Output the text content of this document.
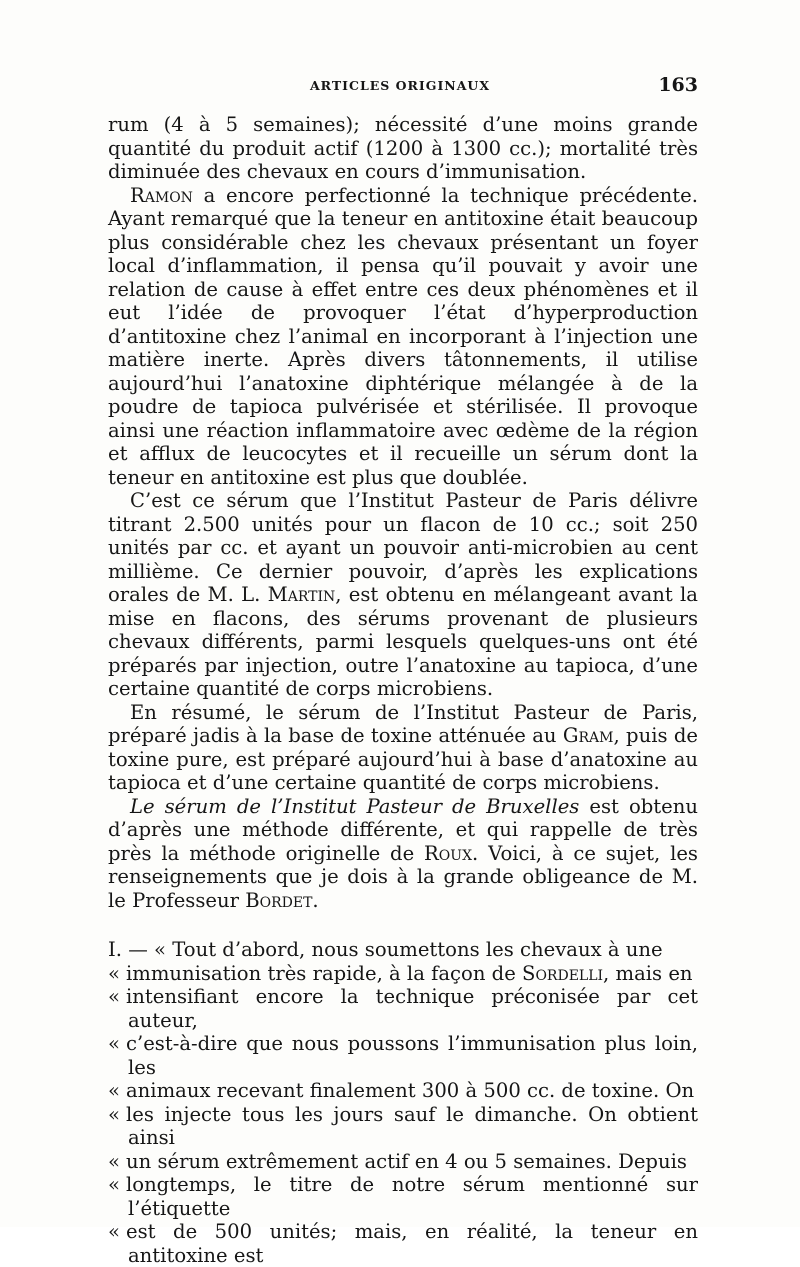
ARTICLES ORIGINAUX	163

rum (4 à 5 semaines); nécessité d’une moins grande quantité du produit actif (1200 à 1300 cc.); mortalité très diminuée des chevaux en cours d’immunisation.

Ramon a encore perfectionné la technique précédente. Ayant remarqué que la teneur en antitoxine était beaucoup plus considérable chez les chevaux présentant un foyer local d’inflammation, il pensa qu’il pouvait y avoir une relation de cause à effet entre ces deux phénomènes et il eut l’idée de provoquer l’état d’hyperproduction d’antitoxine chez l’animal en incorporant à l’injection une matière inerte. Après divers tâtonnements, il utilise aujourd’hui l’anatoxine diphtérique mélangée à de la poudre de tapioca pulvérisée et stérilisée. Il provoque ainsi une réaction inflammatoire avec œdème de la région et afflux de leucocytes et il recueille un sérum dont la teneur en antitoxine est plus que doublée.

C’est ce sérum que l’Institut Pasteur de Paris délivre titrant 2.500 unités pour un flacon de 10 cc.; soit 250 unités par cc. et ayant un pouvoir anti-microbien au cent millième. Ce dernier pouvoir, d’après les explications orales de M. L. Martin, est obtenu en mélangeant avant la mise en flacons, des sérums provenant de plusieurs chevaux différents, parmi lesquels quelques-uns ont été préparés par injection, outre l’anatoxine au tapioca, d’une certaine quantité de corps microbiens.

En résumé, le sérum de l’Institut Pasteur de Paris, préparé jadis à la base de toxine atténuée au Gram, puis de toxine pure, est préparé aujourd’hui à base d’anatoxine au tapioca et d’une certaine quantité de corps microbiens.

Le sérum de l’Institut Pasteur de Bruxelles est obtenu d’après une méthode différente, et qui rappelle de très près la méthode originelle de Roux. Voici, à ce sujet, les renseignements que je dois à la grande obligeance de M. le Professeur Bordet.

I. — « Tout d’abord, nous soumettons les chevaux à une

« immunisation très rapide, à la façon de Sordelli, mais en

« intensifiant encore la technique préconisée par cet auteur,

« c’est-à-dire que nous poussons l’immunisation plus loin, les

« animaux recevant finalement 300 à 500 cc. de toxine. On

« les injecte tous les jours sauf le dimanche. On obtient ainsi

« un sérum extrêmement actif en 4 ou 5 semaines. Depuis

« longtemps, le titre de notre sérum mentionné sur l’étiquette

« est de 500 unités; mais, en réalité, la teneur en antitoxine est
